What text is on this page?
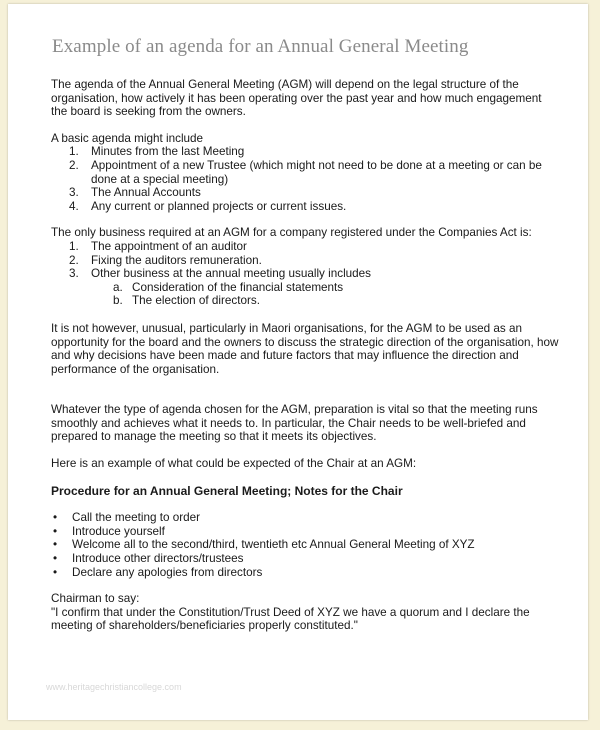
Example of an agenda for an Annual General Meeting

The agenda of the Annual General Meeting (AGM) will depend on the legal structure of the organisation, how actively it has been operating over the past year and how much engagement the board is seeking from the owners.

A basic agenda might include

1. Minutes from the last Meeting
2. Appointment of a new Trustee (which might not need to be done at a meeting or can be done at a special meeting)
3. The Annual Accounts
4. Any current or planned projects or current issues.

The only business required at an AGM for a company registered under the Companies Act is:

1. The appointment of an auditor
2. Fixing the auditors remuneration.
3. Other business at the annual meeting usually includes
a. Consideration of the financial statements
b. The election of directors.

It is not however, unusual, particularly in Maori organisations, for the AGM to be used as an opportunity for the board and the owners to discuss the strategic direction of the organisation, how and why decisions have been made and future factors that may influence the direction and performance of the organisation.

Whatever the type of agenda chosen for the AGM, preparation is vital so that the meeting runs smoothly and achieves what it needs to. In particular, the Chair needs to be well-briefed and prepared to manage the meeting so that it meets its objectives.

Here is an example of what could be expected of the Chair at an AGM:

Procedure for an Annual General Meeting; Notes for the Chair

• Call the meeting to order
• Introduce yourself
• Welcome all to the second/third, twentieth etc Annual General Meeting of XYZ
• Introduce other directors/trustees
• Declare any apologies from directors

Chairman to say:

"I confirm that under the Constitution/Trust Deed of XYZ we have a quorum and I declare the meeting of shareholders/beneficiaries properly constituted."

www.heritagechristiancollege.com
